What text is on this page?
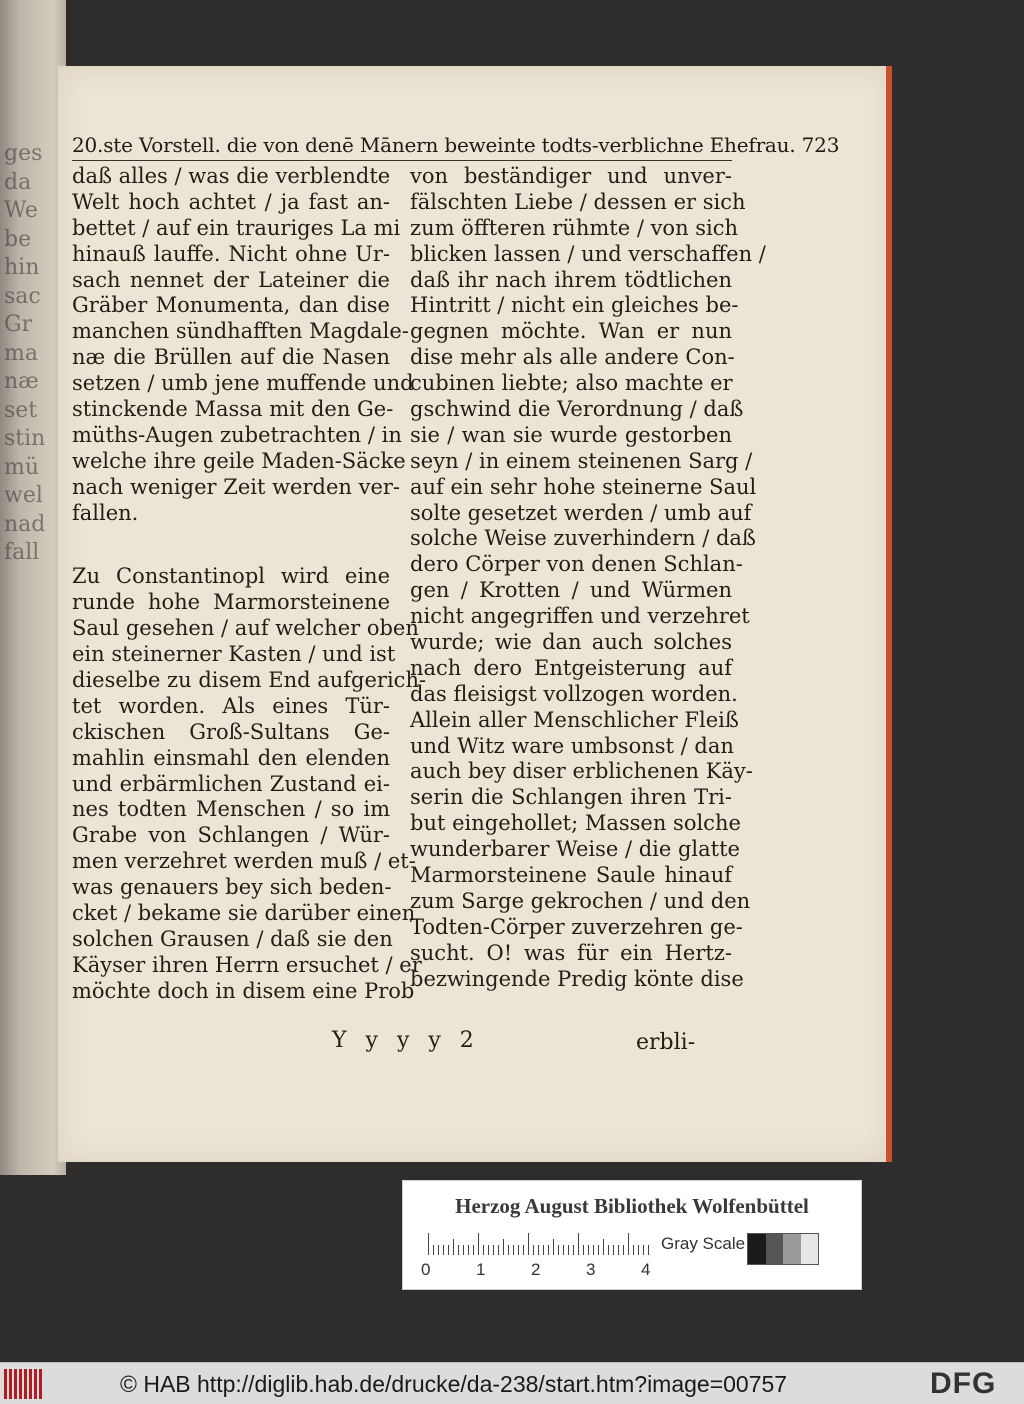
ges
da
We
be
hin
sac
Gr
ma
næ
set
stin
mü
wel
nad
fall
20.ste Vorstell. die von denē Mānern beweinte todts-verblichne Ehefrau. 723
daß alles / was die verblendte
Welt hoch achtet / ja fast an-
bettet / auf ein trauriges La mi
hinauß lauffe. Nicht ohne Ur-
sach nennet der Lateiner die
Gräber Monumenta, dan dise
manchen sündhafften Magdale-
næ die Brüllen auf die Nasen
setzen / umb jene muffende und
stinckende Massa mit den Ge-
müths-Augen zubetrachten / in
welche ihre geile Maden-Säcke
nach weniger Zeit werden ver-
fallen.
Zu Constantinopl wird eine
runde hohe Marmorsteinene
Saul gesehen / auf welcher oben
ein steinerner Kasten / und ist
dieselbe zu disem End aufgerich-
tet worden. Als eines Tür-
ckischen Groß-Sultans Ge-
mahlin einsmahl den elenden
und erbärmlichen Zustand ei-
nes todten Menschen / so im
Grabe von Schlangen / Wür-
men verzehret werden muß / et-
was genauers bey sich beden-
cket / bekame sie darüber einen
solchen Grausen / daß sie den
Käyser ihren Herrn ersuchet / er
möchte doch in disem eine Prob
von beständiger und unver-
fälschten Liebe / dessen er sich
zum öffteren rühmte / von sich
blicken lassen / und verschaffen /
daß ihr nach ihrem tödtlichen
Hintritt / nicht ein gleiches be-
gegnen möchte. Wan er nun
dise mehr als alle andere Con-
cubinen liebte; also machte er
gschwind die Verordnung / daß
sie / wan sie wurde gestorben
seyn / in einem steinenen Sarg /
auf ein sehr hohe steinerne Saul
solte gesetzet werden / umb auf
solche Weise zuverhindern / daß
dero Cörper von denen Schlan-
gen / Krotten / und Würmen
nicht angegriffen und verzehret
wurde; wie dan auch solches
nach dero Entgeisterung auf
das fleisigst vollzogen worden.
Allein aller Menschlicher Fleiß
und Witz ware umbsonst / dan
auch bey diser erblichenen Käy-
serin die Schlangen ihren Tri-
but eingehollet; Massen solche
wunderbarer Weise / die glatte
Marmorsteinene Saule hinauf
zum Sarge gekrochen / und den
Todten-Cörper zuverzehren ge-
sucht. O! was für ein Hertz-
bezwingende Predig könte dise
Y y y y 2	erbli-
Herzog August Bibliothek Wolfenbüttel
0	1	2	3	4
Gray Scale
© HAB http://diglib.hab.de/drucke/da-238/start.htm?image=00757	DFG
